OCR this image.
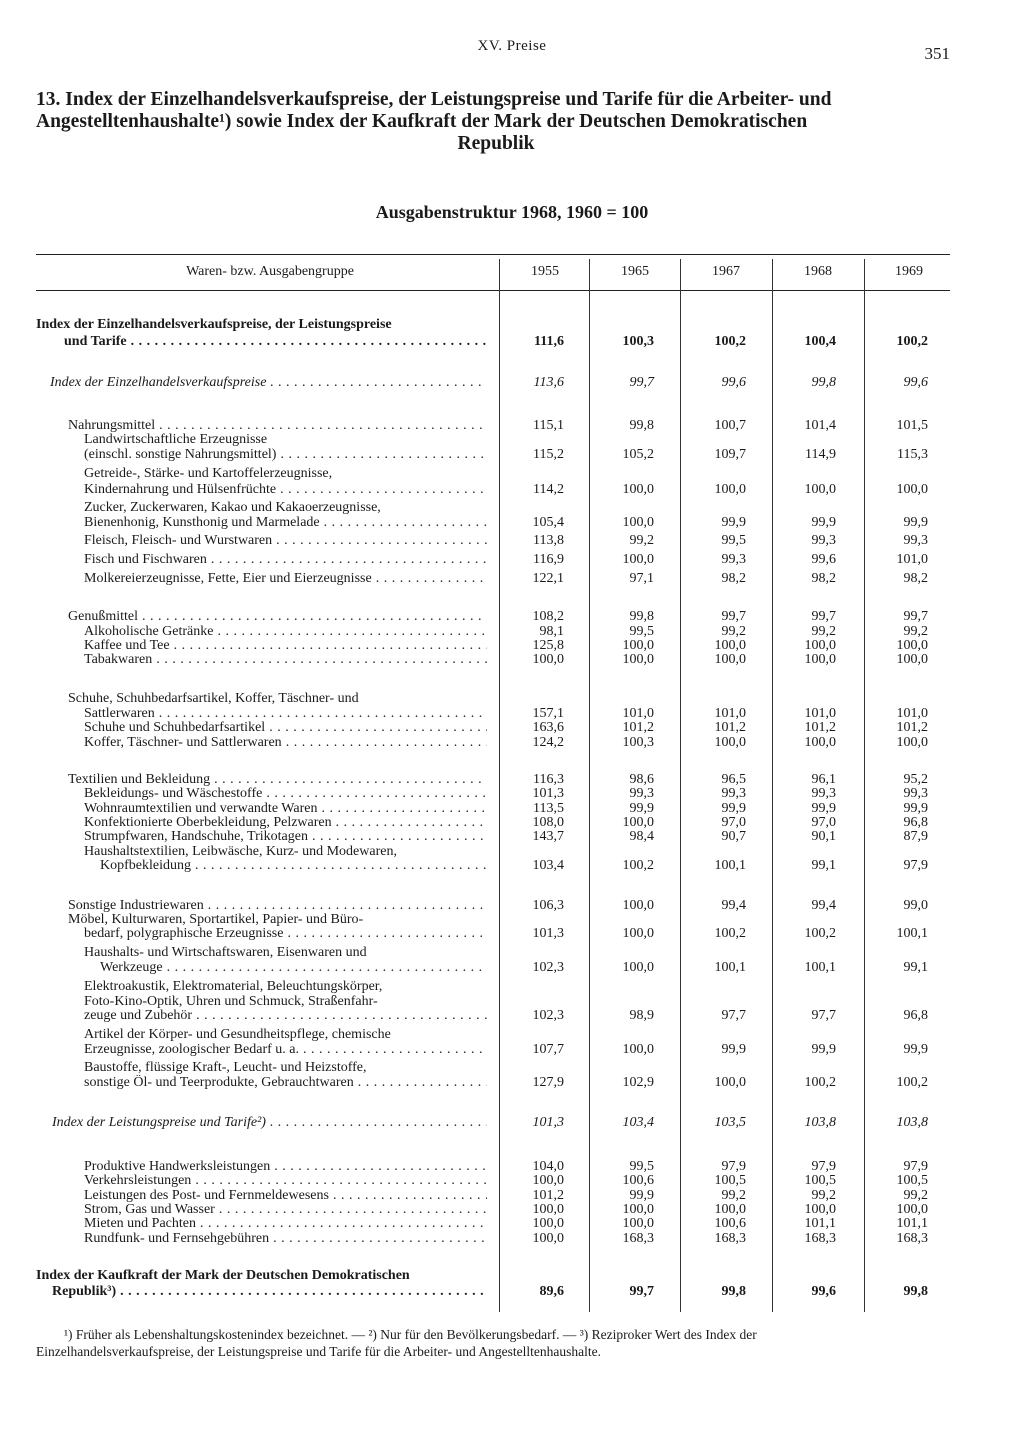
XV. Preise	351
13. Index der Einzelhandelsverkaufspreise, der Leistungspreise und Tarife für die Arbeiter- und
Angestelltenhaushalte¹) sowie Index der Kaufkraft der Mark der Deutschen Demokratischen
Republik
Ausgabenstruktur 1968, 1960 = 100
Waren- bzw. Ausgabengruppe	1955	1965	1967	1968	1969
Index der Einzelhandelsverkaufspreise, der Leistungspreise
und Tarife . . .	111,6	100,3	100,2	100,4	100,2
Index der Einzelhandelsverkaufspreise . . .	113,6	99,7	99,6	99,8	99,6
Nahrungsmittel . . .	115,1	99,8	100,7	101,4	101,5
Landwirtschaftliche Erzeugnisse
(einschl. sonstige Nahrungsmittel) . . .	115,2	105,2	109,7	114,9	115,3
Getreide-, Stärke- und Kartoffelerzeugnisse,
Kindernahrung und Hülsenfrüchte . . .	114,2	100,0	100,0	100,0	100,0
Zucker, Zuckerwaren, Kakao und Kakaoerzeugnisse,
Bienenhonig, Kunsthonig und Marmelade . . .	105,4	100,0	99,9	99,9	99,9
Fleisch, Fleisch- und Wurstwaren . . .	113,8	99,2	99,5	99,3	99,3
Fisch und Fischwaren . . .	116,9	100,0	99,3	99,6	101,0
Molkereierzeugnisse, Fette, Eier und Eierzeugnisse . . .	122,1	97,1	98,2	98,2	98,2
Genußmittel . . .	108,2	99,8	99,7	99,7	99,7
Alkoholische Getränke . . .	98,1	99,5	99,2	99,2	99,2
Kaffee und Tee . . .	125,8	100,0	100,0	100,0	100,0
Tabakwaren . . .	100,0	100,0	100,0	100,0	100,0
Schuhe, Schuhbedarfsartikel, Koffer, Täschner- und
Sattlerwaren . . .	157,1	101,0	101,0	101,0	101,0
Schuhe und Schuhbedarfsartikel . . .	163,6	101,2	101,2	101,2	101,2
Koffer, Täschner- und Sattlerwaren . . .	124,2	100,3	100,0	100,0	100,0
Textilien und Bekleidung . . .	116,3	98,6	96,5	96,1	95,2
Bekleidungs- und Wäschestoffe . . .	101,3	99,3	99,3	99,3	99,3
Wohnraumtextilien und verwandte Waren . . .	113,5	99,9	99,9	99,9	99,9
Konfektionierte Oberbekleidung, Pelzwaren . . .	108,0	100,0	97,0	97,0	96,8
Strumpfwaren, Handschuhe, Trikotagen . . .	143,7	98,4	90,7	90,1	87,9
Haushaltstextilien, Leibwäsche, Kurz- und Modewaren,
Kopfbekleidung . . .	103,4	100,2	100,1	99,1	97,9
Sonstige Industriewaren . . .	106,3	100,0	99,4	99,4	99,0
Möbel, Kulturwaren, Sportartikel, Papier- und Büro-
bedarf, polygraphische Erzeugnisse . . .	101,3	100,0	100,2	100,2	100,1
Haushalts- und Wirtschaftswaren, Eisenwaren und
Werkzeuge . . .	102,3	100,0	100,1	100,1	99,1
Elektroakustik, Elektromaterial, Beleuchtungskörper,
Foto-Kino-Optik, Uhren und Schmuck, Straßenfahr-
zeuge und Zubehör . . .	102,3	98,9	97,7	97,7	96,8
Artikel der Körper- und Gesundheitspflege, chemische
Erzeugnisse, zoologischer Bedarf u. a. . . .	107,7	100,0	99,9	99,9	99,9
Baustoffe, flüssige Kraft-, Leucht- und Heizstoffe,
sonstige Öl- und Teerprodukte, Gebrauchtwaren . . .	127,9	102,9	100,0	100,2	100,2
Index der Leistungspreise und Tarife²) . . .	101,3	103,4	103,5	103,8	103,8
Produktive Handwerksleistungen . . .	104,0	99,5	97,9	97,9	97,9
Verkehrsleistungen . . .	100,0	100,6	100,5	100,5	100,5
Leistungen des Post- und Fernmeldewesens . . .	101,2	99,9	99,2	99,2	99,2
Strom, Gas und Wasser . . .	100,0	100,0	100,0	100,0	100,0
Mieten und Pachten . . .	100,0	100,0	100,6	101,1	101,1
Rundfunk- und Fernsehgebühren . . .	100,0	168,3	168,3	168,3	168,3
Index der Kaufkraft der Mark der Deutschen Demokratischen
Republik³) . . .	89,6	99,7	99,8	99,6	99,8
¹) Früher als Lebenshaltungskostenindex bezeichnet. — ²) Nur für den Bevölkerungsbedarf. — ³) Reziproker Wert des Index der
Einzelhandelsverkaufspreise, der Leistungspreise und Tarife für die Arbeiter- und Angestelltenhaushalte.
